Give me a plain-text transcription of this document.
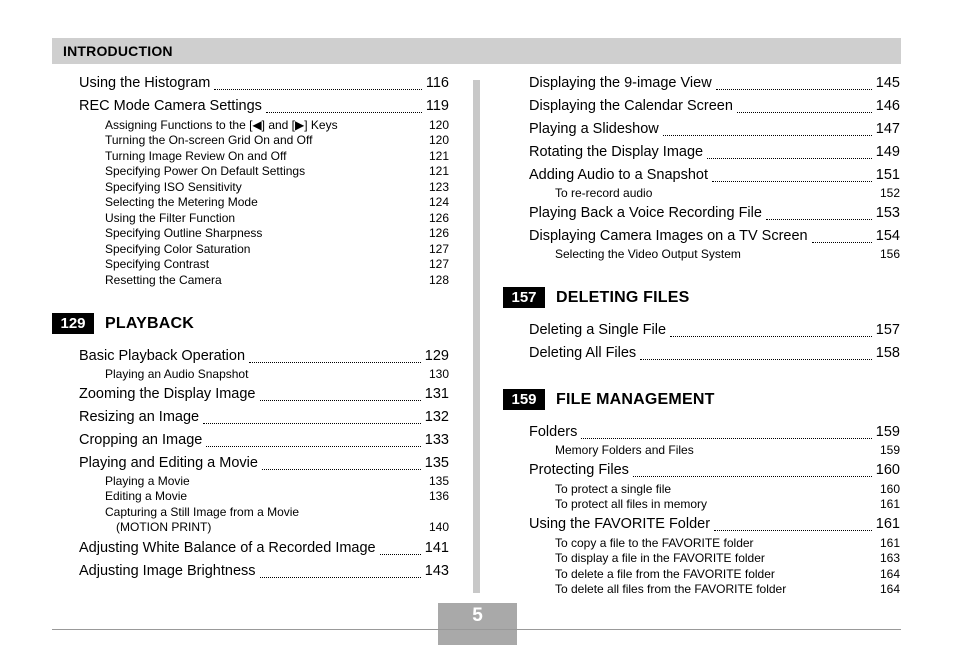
INTRODUCTION
Using the Histogram	116
REC Mode Camera Settings	119
Assigning Functions to the [◀] and [▶] Keys	120
Turning the On-screen Grid On and Off	120
Turning Image Review On and Off	121
Specifying Power On Default Settings	121
Specifying ISO Sensitivity	123
Selecting the Metering Mode	124
Using the Filter Function	126
Specifying Outline Sharpness	126
Specifying Color Saturation	127
Specifying Contrast	127
Resetting the Camera	128
129	PLAYBACK
Basic Playback Operation	129
Playing an Audio Snapshot	130
Zooming the Display Image	131
Resizing an Image	132
Cropping an Image	133
Playing and Editing a Movie	135
Playing a Movie	135
Editing a Movie	136
Capturing a Still Image from a Movie
(MOTION PRINT)	140
Adjusting White Balance of a Recorded Image	141
Adjusting Image Brightness	143
Displaying the 9-image View	145
Displaying the Calendar Screen	146
Playing a Slideshow	147
Rotating the Display Image	149
Adding Audio to a Snapshot	151
To re-record audio	152
Playing Back a Voice Recording File	153
Displaying Camera Images on a TV Screen	154
Selecting the Video Output System	156
157	DELETING FILES
Deleting a Single File	157
Deleting All Files	158
159	FILE MANAGEMENT
Folders	159
Memory Folders and Files	159
Protecting Files	160
To protect a single file	160
To protect all files in memory	161
Using the FAVORITE Folder	161
To copy a file to the FAVORITE folder	161
To display a file in the FAVORITE folder	163
To delete a file from the FAVORITE folder	164
To delete all files from the FAVORITE folder	164
5
